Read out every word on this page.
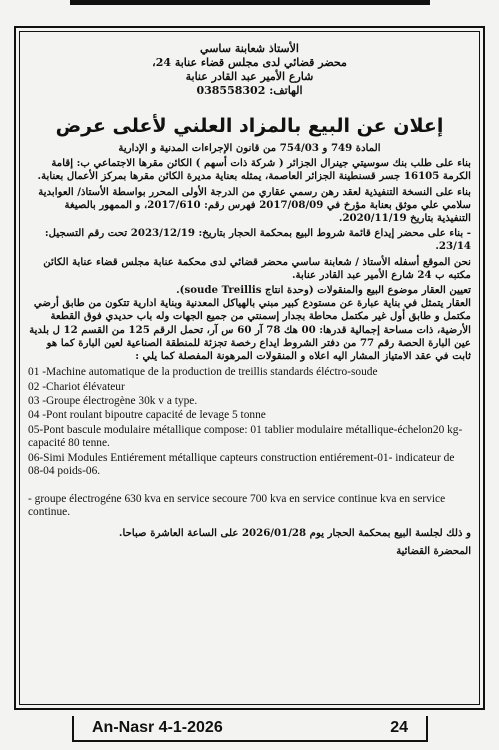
الأستاذ شعابنة ساسي
محضر قضائي لدى مجلس قضاء عنابة 24،
شارع الأمير عبد القادر عنابة
الهاتف: 038558302
إعلان عن البيع بالمزاد العلني لأعلى عرض
المادة 749 و 754/03 من قانون الإجراءات المدنية و الإدارية
بناء على طلب بنك سوسيتي جينرال الجزائر ( شركة ذات أسهم ) الكائن مقرها الاجتماعي ب: إقامة الكرمة 16105 جسر قسنطينة الجزائر العاصمة، يمثله بعناية مديرة الكائن مقرها بمركز الأعمال بعنابة.
بناء على النسخة التنفيذية لعقد رهن رسمي عقاري من الدرجة الأولى المحرر بواسطة الأستاذ/ العوابدية سلامي علي موثق بعنابة مؤرخ في 2017/08/09 فهرس رقم: 2017/610، و الممهور بالصيغة التنفيذية بتاريخ 2020/11/19.
- بناء على محضر إيداع قائمة شروط البيع بمحكمة الحجار بتاريخ: 2023/12/19 تحت رقم التسجيل: 23/14.
نحن الموقع أسفله الأستاذ / شعابنة ساسي محضر قضائي لدى محكمة عنابة مجلس قضاء عنابة الكائن مكتبه ب 24 شارع الأمير عبد القادر عنابة.
تعيين العقار موضوع البيع والمنقولات (وحدة انتاج soude Treillis).
العقار يتمثل في بناية عبارة عن مستودع كبير مبني بالهياكل المعدنية وبناية ادارية تتكون من طابق أرضي مكتمل و طابق أول غير مكتمل محاطة بجدار إسمنتي من جميع الجهات وله باب حديدي فوق القطعة الأرضية، ذات مساحة إجمالية قدرها: 00 هك 78 آر 60 س آر، تحمل الرقم 125 من القسم 12 ل بلدية عين البارة الحصة رقم 77 من دفتر الشروط ايداع رخصة تجزئة للمنطقة الصناعية لعين البارة كما هو ثابت في عقد الامتياز المشار اليه اعلاه و المنقولات المرهونة المفصلة كما يلي :
01 -Machine automatique de la production de treillis standards éléctro-soude
02 -Chariot élévateur
03 -Groupe électrogène 30k v a type.
04 -Pont roulant bipoutre capacité de levage 5 tonne
05-Pont bascule modulaire métallique compose: 01 tablier modulaire métallique-échelon20 kg-capacité 80 tenne.
06-Simi Modules Entiérement métallique capteurs construction entiérement-01- indicateur de 08-04 poids-06.
- groupe électrogéne 630 kva en service secoure 700 kva en service continue kva en service continue.
و ذلك لجلسة البيع بمحكمة الحجار يوم 2026/01/28 على الساعة العاشرة صباحا.
المحضرة القضائية
An-Nasr 4-1-2026	24
